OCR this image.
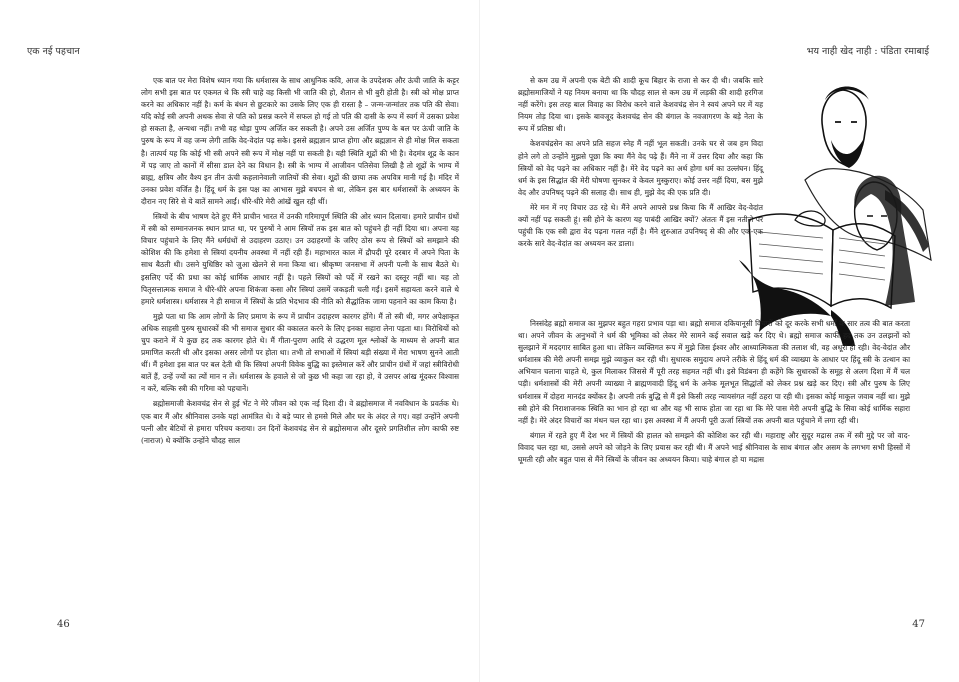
एक नई पहचान

एक बात पर मेरा विशेष ध्यान गया कि धर्मशास्त्र के साथ आधुनिक कवि, आज के उपदेशक और ऊंची जाति के कट्टर लोग सभी इस बात पर एकमत थे कि स्त्री चाहे वह किसी भी जाति की हो, शैतान से भी बुरी होती है। स्त्री को मोक्ष प्राप्त करने का अधिकार नहीं है। कर्म के बंधन से छुटकारे का उसके लिए एक ही रास्ता है – जन्म-जन्मांतर तक पति की सेवा। यदि कोई स्त्री अपनी अथक सेवा से पति को प्रसन्न करने में सफल हो गई तो पति की दासी के रूप में स्वर्ग में उसका प्रवेश हो सकता है, अन्यथा नहीं। तभी वह थोड़ा पुण्य अर्जित कर सकती है। अपने उस अर्जित पुण्य के बल पर ऊंची जाति के पुरुष के रूप में वह जन्म लेगी ताकि वेद-वेदांत पढ़ सके। इससे ब्रह्मज्ञान प्राप्त होगा और ब्रह्मज्ञान से ही मोक्ष मिल सकता है। तात्पर्य यह कि कोई भी स्त्री अपने स्त्री रूप में मोक्ष नहीं पा सकती है। यही स्थिति शूद्रों की भी है। वेदमंत्र शूद्र के कान में पड़ जाए तो कानों में सीसा डाल देने का विधान है। स्त्री के भाग्य में आजीवन पतिसेवा लिखी है तो शूद्रों के भाग्य में ब्राह्म, क्षत्रिय और वैश्य इन तीन ऊंची कहलानेवाली जातियों की सेवा। शूद्रों की छाया तक अपवित्र मानी गई है। मंदिर में उनका प्रवेश वर्जित है। हिंदू धर्म के इस पक्ष का आभास मुझे बचपन से था, लेकिन इस बार धर्मशास्त्रों के अध्ययन के दौरान नए सिरे से ये बातें सामने आईं। धीरे-धीरे मेरी आंखें खुल रही थीं।

स्त्रियों के बीच भाषण देते हुए मैंने प्राचीन भारत में उनकी गरिमापूर्ण स्थिति की ओर ध्यान दिलाया। हमारे प्राचीन ग्रंथों में स्त्री को सम्मानजनक स्थान प्राप्त था, पर पुरुषों ने आम स्त्रियों तक इस बात को पहुंचने ही नहीं दिया था। अपना यह विचार पहुंचाने के लिए मैंने धर्मग्रंथों से उदाहरण उठाए। उन उदाहरणों के जरिए ठोस रूप से स्त्रियों को समझाने की कोशिश की कि हमेशा से स्त्रियां दयनीय अवस्था में नहीं रही हैं। महाभारत काल में द्रौपदी पूरे दरबार में अपने पिता के साथ बैठती थी। उसने युधिष्ठिर को जुआ खेलने से मना किया था। श्रीकृष्ण जनसभा में अपनी पत्नी के साथ बैठते थे। इसलिए पर्दे की प्रथा का कोई धार्मिक आधार नहीं है। पहले स्त्रियों को पर्दे में रखने का दस्तूर नहीं था। यह तो पितृसत्तात्मक समाज ने धीरे-धीरे अपना शिकंजा कसा और स्त्रियां उसमें जकड़ती चली गईं। इसमें सहायता करने वाले थे हमारे धर्मशास्त्र। धर्मशास्त्र ने ही समाज में स्त्रियों के प्रति भेदभाव की नीति को सैद्धांतिक जामा पहनाने का काम किया है।

मुझे पता था कि आम लोगों के लिए प्रमाण के रूप में प्राचीन उदाहरण कारगर होंगे। मैं तो स्त्री थी, मगर अपेक्षाकृत अधिक साहसी पुरुष सुधारकों की भी समाज सुधार की वकालत करने के लिए इनका सहारा लेना पड़ता था। विरोधियों को चुप कराने में ये कुछ हद तक कारगर होते थे। मैं गीता-पुराण आदि से उद्धरण मूल श्लोकों के माध्यम से अपनी बात प्रमाणित करती थी और इसका असर लोगों पर होता था। तभी तो सभाओं में स्त्रियां बड़ी संख्या में मेरा भाषण सुनने आती थीं। मैं हमेशा इस बात पर बल देती थी कि स्त्रियां अपनी विवेक बुद्धि का इस्तेमाल करें और प्राचीन ग्रंथों में जहां स्त्रीविरोधी बातें हैं, उन्हें ज्यों का त्यों मान न लें। धर्मशास्त्र के हवाले से जो कुछ भी कहा जा रहा हो, वे उसपर आंख मूंदकर विश्वास न करें, बल्कि स्त्री की गरिमा को पहचानें।

ब्रह्मोसमाजी केशवचंद्र सेन से हुई भेंट ने मेरे जीवन को एक नई दिशा दी। वे ब्रह्मोसमाज में नवविधान के प्रवर्तक थे। एक बार मैं और श्रीनिवास उनके यहां आमंत्रित थे। वे बड़े प्यार से हमसे मिले और घर के अंदर ले गए। वहां उन्होंने अपनी पत्नी और बेटियों से हमारा परिचय कराया। उन दिनों केशवचंद्र सेन से ब्रह्मोसमाज और दूसरे प्रगतिशील लोग काफी रुष्ट (नाराज) थे क्योंकि उन्होंने चौदह साल

46
भय नाही खेद नाही : पंडिता रमाबाई

से कम उम्र में अपनी एक बेटी की शादी कूच बिहार के राजा से कर दी थी। जबकि सारे ब्रह्मोसमाजियों ने यह नियम बनाया था कि चौदह साल से कम उम्र में लड़की की शादी हरगिज नहीं करेंगे। इस तरह बाल विवाह का विरोध करने वाले केशवचंद्र सेन ने स्वयं अपने घर में यह नियम तोड़ दिया था। इसके बावजूद केशवचंद्र सेन की बंगाल के नवजागरण के बड़े नेता के रूप में प्रतिष्ठा थी।

केशवचंद्रसेन का अपने प्रति सहज स्नेह मैं नहीं भूल सकती। उनके घर से जब हम विदा होने लगे तो उन्होंने मुझसे पूछा कि क्या मैंने वेद पढ़े हैं। मैंने ना में उत्तर दिया और कहा कि स्त्रियों को वेद पढ़ने का अधिकार नहीं है। मेरे वेद पढ़ने का अर्थ होगा धर्म का उल्लंघन। हिंदू धर्म के इस सिद्धांत की मेरी घोषणा सुनकर वे केवल मुस्कुराए। कोई उत्तर नहीं दिया, बस मुझे वेद और उपनिषद् पढ़ने की सलाह दी। साथ ही, मुझे वेद की एक प्रति दी।

मेरे मन में नए विचार उठ रहे थे। मैंने अपने आपसे प्रश्न किया कि मैं आखिर वेद-वेदांत क्यों नहीं पढ़ सकती हूं। स्त्री होने के कारण यह पाबंदी आखिर क्यों? अंततः मैं इस नतीजे पर पहुंची कि एक स्त्री द्वारा वेद पढ़ना गलत नहीं है। मैंने शुरुआत उपनिषद् से की और एक-एक करके सारे वेद-वेदांत का अध्ययन कर डाला।

निस्संदेह ब्रह्मो समाज का मुझपर बहुत गहरा प्रभाव पड़ा था। ब्रह्मो समाज दकियानूसी विचारों को दूर करके सभी धर्मों के सार तत्व की बात करता था। अपने जीवन के अनुभवों ने धर्म की भूमिका को लेकर मेरे सामने कई सवाल खड़े कर दिए थे। ब्रह्मो समाज काफी हद तक उन उलझनों को सुलझाने में मददगार साबित हुआ था। लेकिन व्यक्तिगत रूप में मुझे जिस ईश्वर और आध्यात्मिकता की तलाश थी, वह अधूरी ही रही। वेद-वेदांत और धर्मशास्त्र की मेरी अपनी समझ मुझे व्याकुल कर रही थी। सुधारक समुदाय अपने तरीके से हिंदू धर्म की व्याख्या के आधार पर हिंदू स्त्री के उत्थान का अभियान चलाना चाहते थे, कुल मिलाकर जिससे मैं पूरी तरह सहमत नहीं थी। इसे विडंबना ही कहेंगे कि सुधारकों के समूह से अलग दिशा में मैं चल पड़ी। धर्मशास्त्रों की मेरी अपनी व्याख्या ने ब्राह्मणवादी हिंदू धर्म के अनेक मूलभूत सिद्धांतों को लेकर प्रश्न खड़े कर दिए। स्त्री और पुरुष के लिए धर्मशास्त्र में दोहरा मानदंड क्योंकर है। अपनी तर्क बुद्धि से मैं इसे किसी तरह न्यायसंगत नहीं ठहरा पा रही थी। इसका कोई माकूल जवाब नहीं था। मुझे स्त्री होने की निराशाजनक स्थिति का भान हो रहा था और यह भी साफ होता जा रहा था कि मेरे पास मेरी अपनी बुद्धि के सिवा कोई धार्मिक सहारा नहीं है। मेरे अंदर विचारों का मंथन चल रहा था। इस अवस्था में मैं अपनी पूरी ऊर्जा स्त्रियों तक अपनी बात पहुंचाने में लगा रही थी।

बंगाल में रहते हुए मैं देश भर में स्त्रियों की हालत को समझने की कोशिश कर रही थी। महाराष्ट्र और सुदूर मद्रास तक में स्त्री मुद्दे पर जो वाद-विवाद चल रहा था, उससे अपने को जोड़ने के लिए प्रयास कर रही थी। मैं अपने भाई श्रीनिवास के साथ बंगाल और असम के लगभग सभी हिस्सों में घूमती रही और बहुत पास से मैंने स्त्रियों के जीवन का अध्ययन किया। चाहे बंगाल हो या मद्रास

47
